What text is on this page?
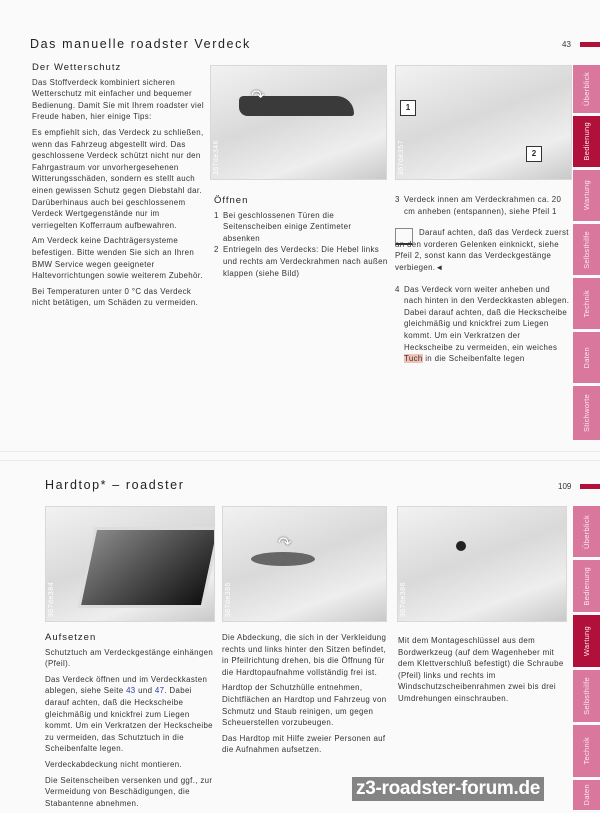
Das manuelle roadster Verdeck	43
Der Wetterschutz

Das Stoffverdeck kombiniert sicheren Wetterschutz mit einfacher und bequemer Bedienung. Damit Sie mit Ihrem roadster viel Freude haben, hier einige Tips:

Es empfiehlt sich, das Verdeck zu schließen, wenn das Fahrzeug abgestellt wird. Das geschlossene Verdeck schützt nicht nur den Fahrgastraum vor unvorhergesehenen Witterungsschäden, sondern es stellt auch einen gewissen Schutz gegen Diebstahl dar. Darüberhinaus auch bei geschlossenem Verdeck Wertgegenstände nur im verriegelten Kofferraum aufbewahren.

Am Verdeck keine Dachträgersysteme befestigen. Bitte wenden Sie sich an Ihren BMW Service wegen geeigneter Haltevorrichtungen sowie weiterem Zubehör.

Bei Temperaturen unter 0 °C das Verdeck nicht betätigen, um Schäden zu vermeiden.

↷
367de346
1
2
367de357
Öffnen
1 Bei geschlossenen Türen die Seitenscheiben einige Zentimeter absenken
2 Entriegeln des Verdecks: Die Hebel links und rechts am Verdeckrahmen nach außen klappen (siehe Bild)
3 Verdeck innen am Verdeckrahmen ca. 20 cm anheben (entspannen), siehe Pfeil 1
Darauf achten, daß das Verdeck zuerst an den vorderen Gelenken einknickt, siehe Pfeil 2, sonst kann das Verdeckgestänge verbiegen.◄
4 Das Verdeck vorn weiter anheben und nach hinten in den Verdeckkasten ablegen.
Dabei darauf achten, daß die Heckscheibe gleichmäßig und knickfrei zum Liegen kommt. Um ein Verkratzen der Heckscheibe zu vermeiden, ein weiches Tuch in die Scheibenfalte legen
Überblick
Bedienung
Wartung
Selbsthilfe
Technik
Daten
Stichworte
Hardtop* – roadster	109
367de384
↷
367de385	367de386
Aufsetzen

Schutztuch am Verdeckgestänge einhängen (Pfeil).

Das Verdeck öffnen und im Verdeckkasten ablegen, siehe Seite 43 und 47. Dabei darauf achten, daß die Heckscheibe gleichmäßig und knickfrei zum Liegen kommt. Um ein Verkratzen der Heckscheibe zu vermeiden, das Schutztuch in die Scheibenfalte legen.

Verdeckabdeckung nicht montieren.

Die Seitenscheiben versenken und ggf., zur Vermeidung von Beschädigungen, die Stabantenne abnehmen.

Die Abdeckung, die sich in der Verkleidung rechts und links hinter den Sitzen befindet, in Pfeilrichtung drehen, bis die Öffnung für die Hardtopaufnahme vollständig frei ist.

Hardtop der Schutzhülle entnehmen, Dichtflächen an Hardtop und Fahrzeug von Schmutz und Staub reinigen, um gegen Scheuerstellen vorzubeugen.

Das Hardtop mit Hilfe zweier Personen auf die Aufnahmen aufsetzen.

Mit dem Montageschlüssel aus dem Bordwerkzeug (auf dem Wagenheber mit dem Klettverschluß befestigt) die Schraube (Pfeil) links und rechts im Windschutzscheibenrahmen zwei bis drei Umdrehungen einschrauben.

Überblick
Bedienung
Wartung
Selbsthilfe
Technik
Daten
z3-roadster-forum.de
